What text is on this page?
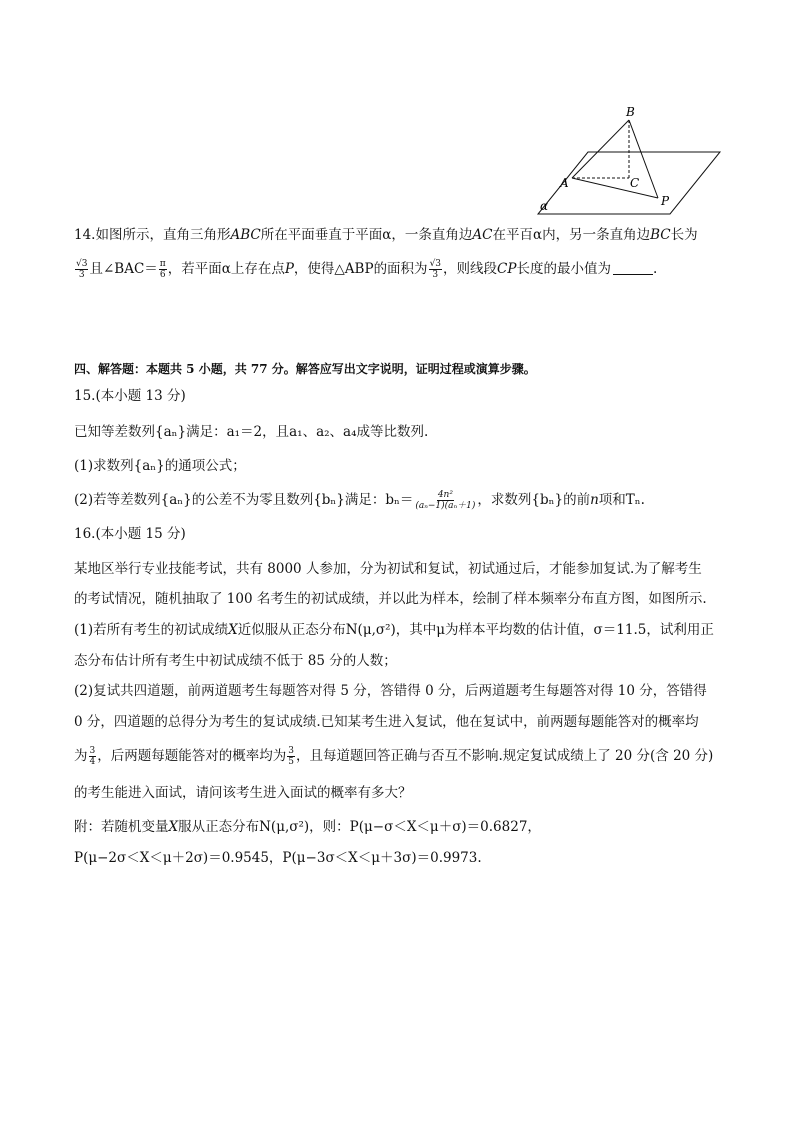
B
A	C
P
α
14.如图所示，直角三角形ABC所在平面垂直于平面α，一条直角边AC在平百α内，另一条直角边BC长为
$\frac{√3}{3}$ 且∠BAC＝ $\frac{\pi}{6}$ ，若平面α上存在点P，使得△ABP的面积为 $\frac{√3}{3}$ ，则线段CP长度的最小值为	.
四、解答题：本题共 5 小题，共 77 分。解答应写出文字说明，证明过程或演算步骤。
15.(本小题 13 分)
已知等差数列{aₙ}满足：a₁＝2，且a₁、a₂、a₄成等比数列.
(1)求数列{aₙ}的通项公式；
(2)若等差数列{aₙ}的公差不为零且数列{bₙ}满足：$b_n= \frac{\text{4n²}}{\text{(aₙ−1)(aₙ＋1)}}$ ，求数列{bₙ}的前n项和Tₙ.
16.(本小题 15 分)
某地区举行专业技能考试，共有 8000 人参加，分为初试和复试，初试通过后，才能参加复试.为了解考生
的考试情况，随机抽取了 100 名考生的初试成绩，并以此为样本，绘制了样本频率分布直方图，如图所示.
(1)若所有考生的初试成绩X近似服从正态分布N(μ,σ²)，其中μ为样本平均数的估计值，σ＝11.5，试利用正
态分布估计所有考生中初试成绩不低于 85 分的人数；
(2)复试共四道题，前两道题考生每题答对得 5 分，答错得 0 分，后两道题考生每题答对得 10 分，答错得
0 分，四道题的总得分为考生的复试成绩.已知某考生进入复试，他在复试中，前两题每题能答对的概率均
为 $\frac{3}{4}$ ，后两题每题能答对的概率均为 $\frac{3}{5}$ ，且每道题回答正确与否互不影响.规定复试成绩上了 20 分(含 20 分)
的考生能进入面试，请问该考生进入面试的概率有多大？
附：若随机变量X服从正态分布N(μ,σ²)，则：P(μ−σ＜X＜μ＋σ)＝0.6827，
P(μ−2σ＜X＜μ＋2σ)＝0.9545，P(μ−3σ＜X＜μ＋3σ)＝0.9973.
